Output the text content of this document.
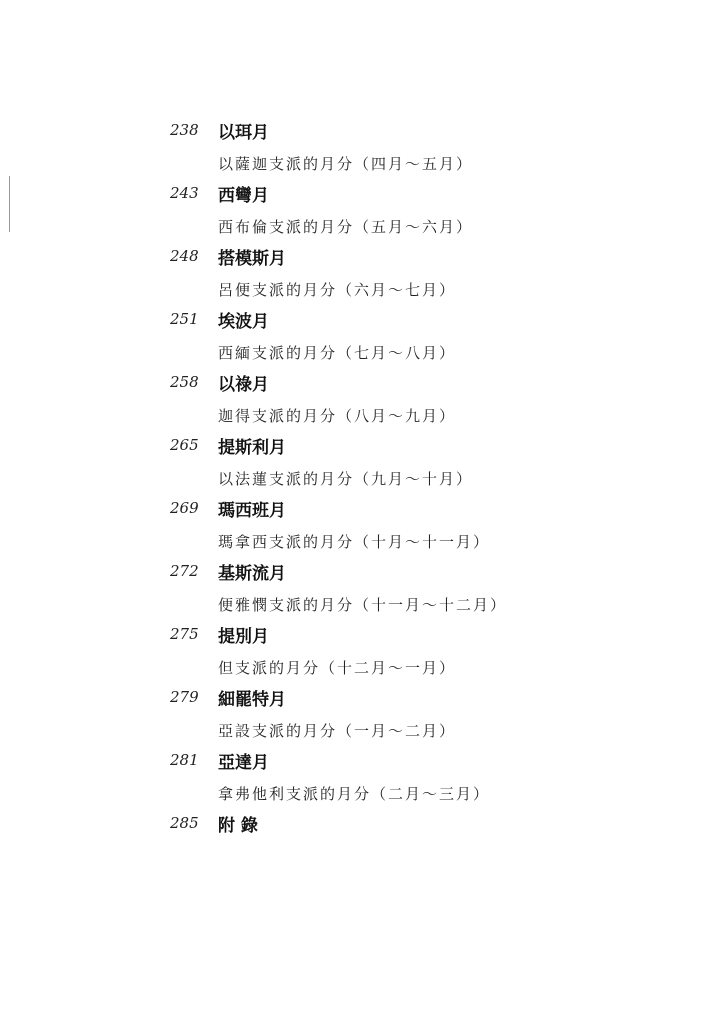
238 以珥月
以薩迦支派的月分（四月～五月）
243 西彎月
西布倫支派的月分（五月～六月）
248 搭模斯月
呂便支派的月分（六月～七月）
251 埃波月
西緬支派的月分（七月～八月）
258 以祿月
迦得支派的月分（八月～九月）
265 提斯利月
以法蓮支派的月分（九月～十月）
269 瑪西班月
瑪拿西支派的月分（十月～十一月）
272 基斯流月
便雅憫支派的月分（十一月～十二月）
275 提別月
但支派的月分（十二月～一月）
279 細罷特月
亞設支派的月分（一月～二月）
281 亞達月
拿弗他利支派的月分（二月～三月）
285 附 錄
